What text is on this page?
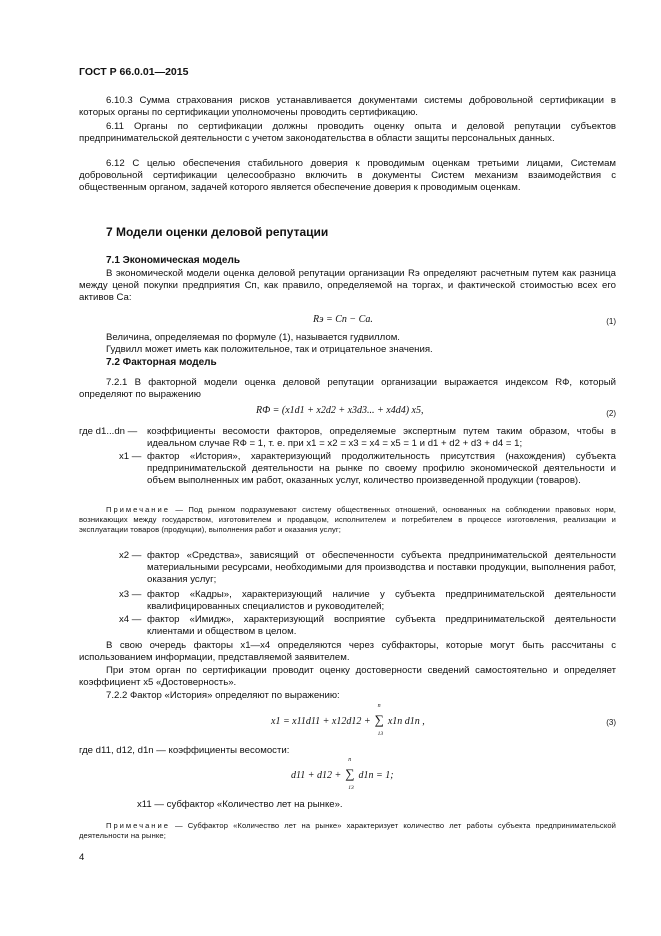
ГОСТ Р 66.0.01—2015

6.10.3 Сумма страхования рисков устанавливается документами системы добровольной сертификации в которых органы по сертификации уполномочены проводить сертификацию.

6.11 Органы по сертификации должны проводить оценку опыта и деловой репутации субъектов предпринимательской деятельности с учетом законодательства в области защиты персональных данных.

6.12 С целью обеспечения стабильного доверия к проводимым оценкам третьими лицами, Системам добровольной сертификации целесообразно включить в документы Систем механизм взаимодействия с общественным органом, задачей которого является обеспечение доверия к проводимым оценкам.

7 Модели оценки деловой репутации
7.1 Экономическая модель

В экономической модели оценка деловой репутации организации Rэ определяют расчетным путем как разница между ценой покупки предприятия Сп, как правило, определяемой на торгах, и фактической стоимостью всех его активов Са:

Rэ = Сп − Са.	(1)

Величина, определяемая по формуле (1), называется гудвиллом.

Гудвилл может иметь как положительное, так и отрицательное значения.

7.2 Факторная модель

7.2.1 В факторной модели оценка деловой репутации организации выражается индексом RФ, который определяют по выражению

RФ = (x1d1 + x2d2 + x3d3... + x4d4) x5,	(2)
где d1...dn — коэффициенты весомости факторов, определяемые экспертным путем таким образом, чтобы в идеальном случае RФ = 1, т. е. при x1 = x2 = x3 = x4 = x5 = 1 и d1 + d2 + d3 + d4 = 1;

x1 — фактор «История», характеризующий продолжительность присутствия (нахождения) субъекта предпринимательской деятельности на рынке по своему профилю экономической деятельности и объем выполненных им работ, оказанных услуг, количество произведенной продукции (товаров).

Примечание — Под рынком подразумевают систему общественных отношений, основанных на соблюдении правовых норм, возникающих между государством, изготовителем и продавцом, исполнителем и потребителем в процессе изготовления, реализации и эксплуатации товаров (продукции), выполнения работ и оказания услуг;

x2 — фактор «Средства», зависящий от обеспеченности субъекта предпринимательской деятельности материальными ресурсами, необходимыми для производства и поставки продукции, выполнения работ, оказания услуг;

x3 — фактор «Кадры», характеризующий наличие у субъекта предпринимательской деятельности квалифицированных специалистов и руководителей;

x4 — фактор «Имидж», характеризующий восприятие субъекта предпринимательской деятельности клиентами и обществом в целом.

В свою очередь факторы x1—x4 определяются через субфакторы, которые могут быть рассчитаны с использованием информации, представляемой заявителем.

При этом орган по сертификации проводит оценку достоверности сведений самостоятельно и определяет коэффициент x5 «Достоверность».

7.2.2 Фактор «История» определяют по выражению:

x1 = x11d11 + x12d12 + ∑
n
13
x1n d1n ,	(3)

где d11, d12, d1n — коэффициенты весомости:

d11 + d12 + ∑
n
13
d1n = 1;

x11 — субфактор «Количество лет на рынке».

Примечание — Субфактор «Количество лет на рынке» характеризует количество лет работы субъекта предпринимательской деятельности на рынке;

4
